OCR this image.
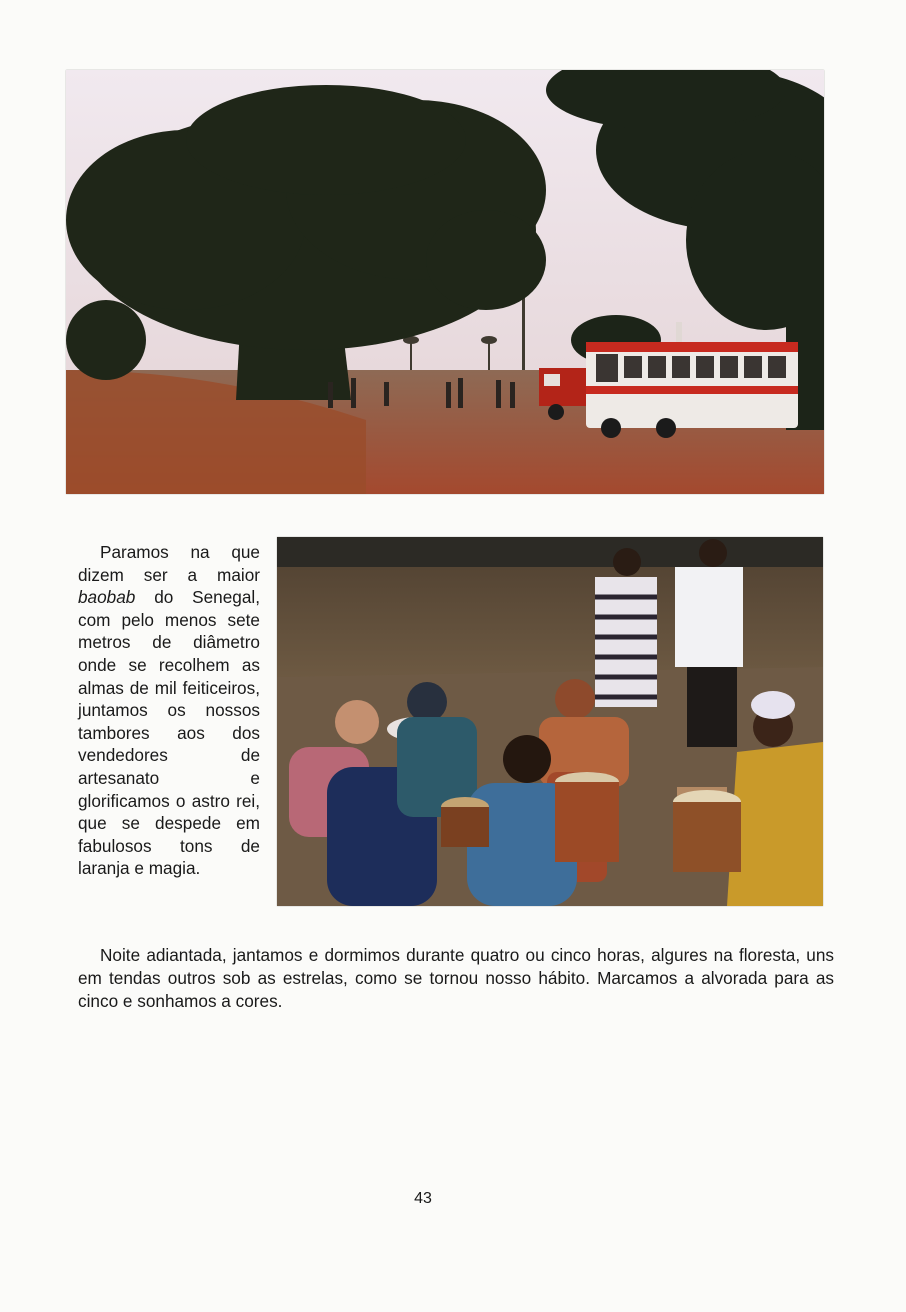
Paramos na que dizem ser a maior baobab do Senegal, com pelo menos sete metros de diâmetro onde se recolhem as almas de mil feiticeiros, juntamos os nossos tambores aos dos vendedores de artesanato e glorificamos o astro rei, que se despede em fabulosos tons de laranja e magia.

Noite adiantada, jantamos e dormimos durante quatro ou cinco horas, algures na floresta, uns em tendas outros sob as estrelas, como se tornou nosso hábito. Marcamos a alvorada para as cinco e sonhamos a cores.

43
